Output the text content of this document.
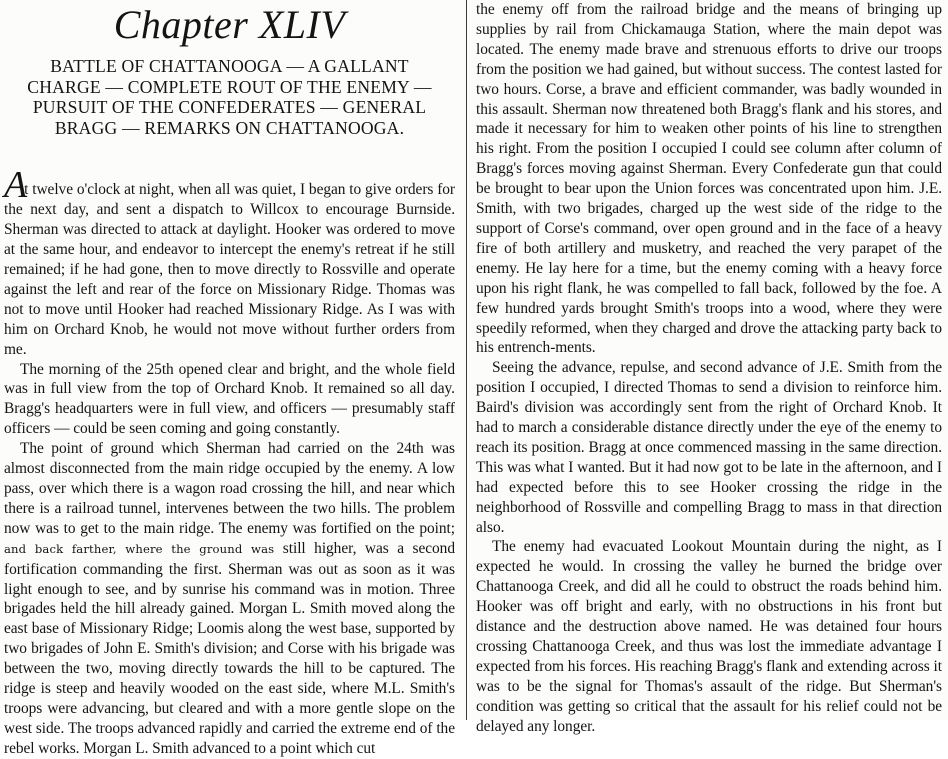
Chapter XLIV
BATTLE OF CHATTANOOGA — A GALLANT CHARGE — COMPLETE ROUT OF THE ENEMY — PURSUIT OF THE CONFEDERATES — GENERAL BRAGG — REMARKS ON CHATTANOOGA.

At twelve o'clock at night, when all was quiet, I began to give orders for the next day, and sent a dispatch to Willcox to encourage Burnside. Sherman was directed to attack at daylight. Hooker was ordered to move at the same hour, and endeavor to intercept the enemy's retreat if he still remained; if he had gone, then to move directly to Rossville and operate against the left and rear of the force on Missionary Ridge. Thomas was not to move until Hooker had reached Missionary Ridge. As I was with him on Orchard Knob, he would not move without further orders from me.

The morning of the 25th opened clear and bright, and the whole field was in full view from the top of Orchard Knob. It remained so all day. Bragg's headquarters were in full view, and officers — presumably staff officers — could be seen coming and going constantly.

The point of ground which Sherman had carried on the 24th was almost disconnected from the main ridge occupied by the enemy. A low pass, over which there is a wagon road crossing the hill, and near which there is a railroad tunnel, intervenes between the two hills. The problem now was to get to the main ridge. The enemy was fortified on the point; and back farther, where the ground was still higher, was a second fortification commanding the first. Sherman was out as soon as it was light enough to see, and by sunrise his command was in motion. Three brigades held the hill already gained. Morgan L. Smith moved along the east base of Missionary Ridge; Loomis along the west base, supported by two brigades of John E. Smith's division; and Corse with his brigade was between the two, moving directly towards the hill to be captured. The ridge is steep and heavily wooded on the east side, where M.L. Smith's troops were advancing, but cleared and with a more gentle slope on the west side. The troops advanced rapidly and carried the extreme end of the rebel works. Morgan L. Smith advanced to a point which cut

the enemy off from the railroad bridge and the means of bringing up supplies by rail from Chickamauga Station, where the main depot was located. The enemy made brave and strenuous efforts to drive our troops from the position we had gained, but without success. The contest lasted for two hours. Corse, a brave and efficient commander, was badly wounded in this assault. Sherman now threatened both Bragg's flank and his stores, and made it necessary for him to weaken other points of his line to strengthen his right. From the position I occupied I could see column after column of Bragg's forces moving against Sherman. Every Confederate gun that could be brought to bear upon the Union forces was concentrated upon him. J.E. Smith, with two brigades, charged up the west side of the ridge to the support of Corse's command, over open ground and in the face of a heavy fire of both artillery and musketry, and reached the very parapet of the enemy. He lay here for a time, but the enemy coming with a heavy force upon his right flank, he was compelled to fall back, followed by the foe. A few hundred yards brought Smith's troops into a wood, where they were speedily reformed, when they charged and drove the attacking party back to his entrench-ments.

Seeing the advance, repulse, and second advance of J.E. Smith from the position I occupied, I directed Thomas to send a division to reinforce him. Baird's division was accordingly sent from the right of Orchard Knob. It had to march a considerable distance directly under the eye of the enemy to reach its position. Bragg at once commenced massing in the same direction. This was what I wanted. But it had now got to be late in the afternoon, and I had expected before this to see Hooker crossing the ridge in the neighborhood of Rossville and compelling Bragg to mass in that direction also.

The enemy had evacuated Lookout Mountain during the night, as I expected he would. In crossing the valley he burned the bridge over Chattanooga Creek, and did all he could to obstruct the roads behind him. Hooker was off bright and early, with no obstructions in his front but distance and the destruction above named. He was detained four hours crossing Chattanooga Creek, and thus was lost the immediate advantage I expected from his forces. His reaching Bragg's flank and extending across it was to be the signal for Thomas's assault of the ridge. But Sherman's condition was getting so critical that the assault for his relief could not be delayed any longer.
